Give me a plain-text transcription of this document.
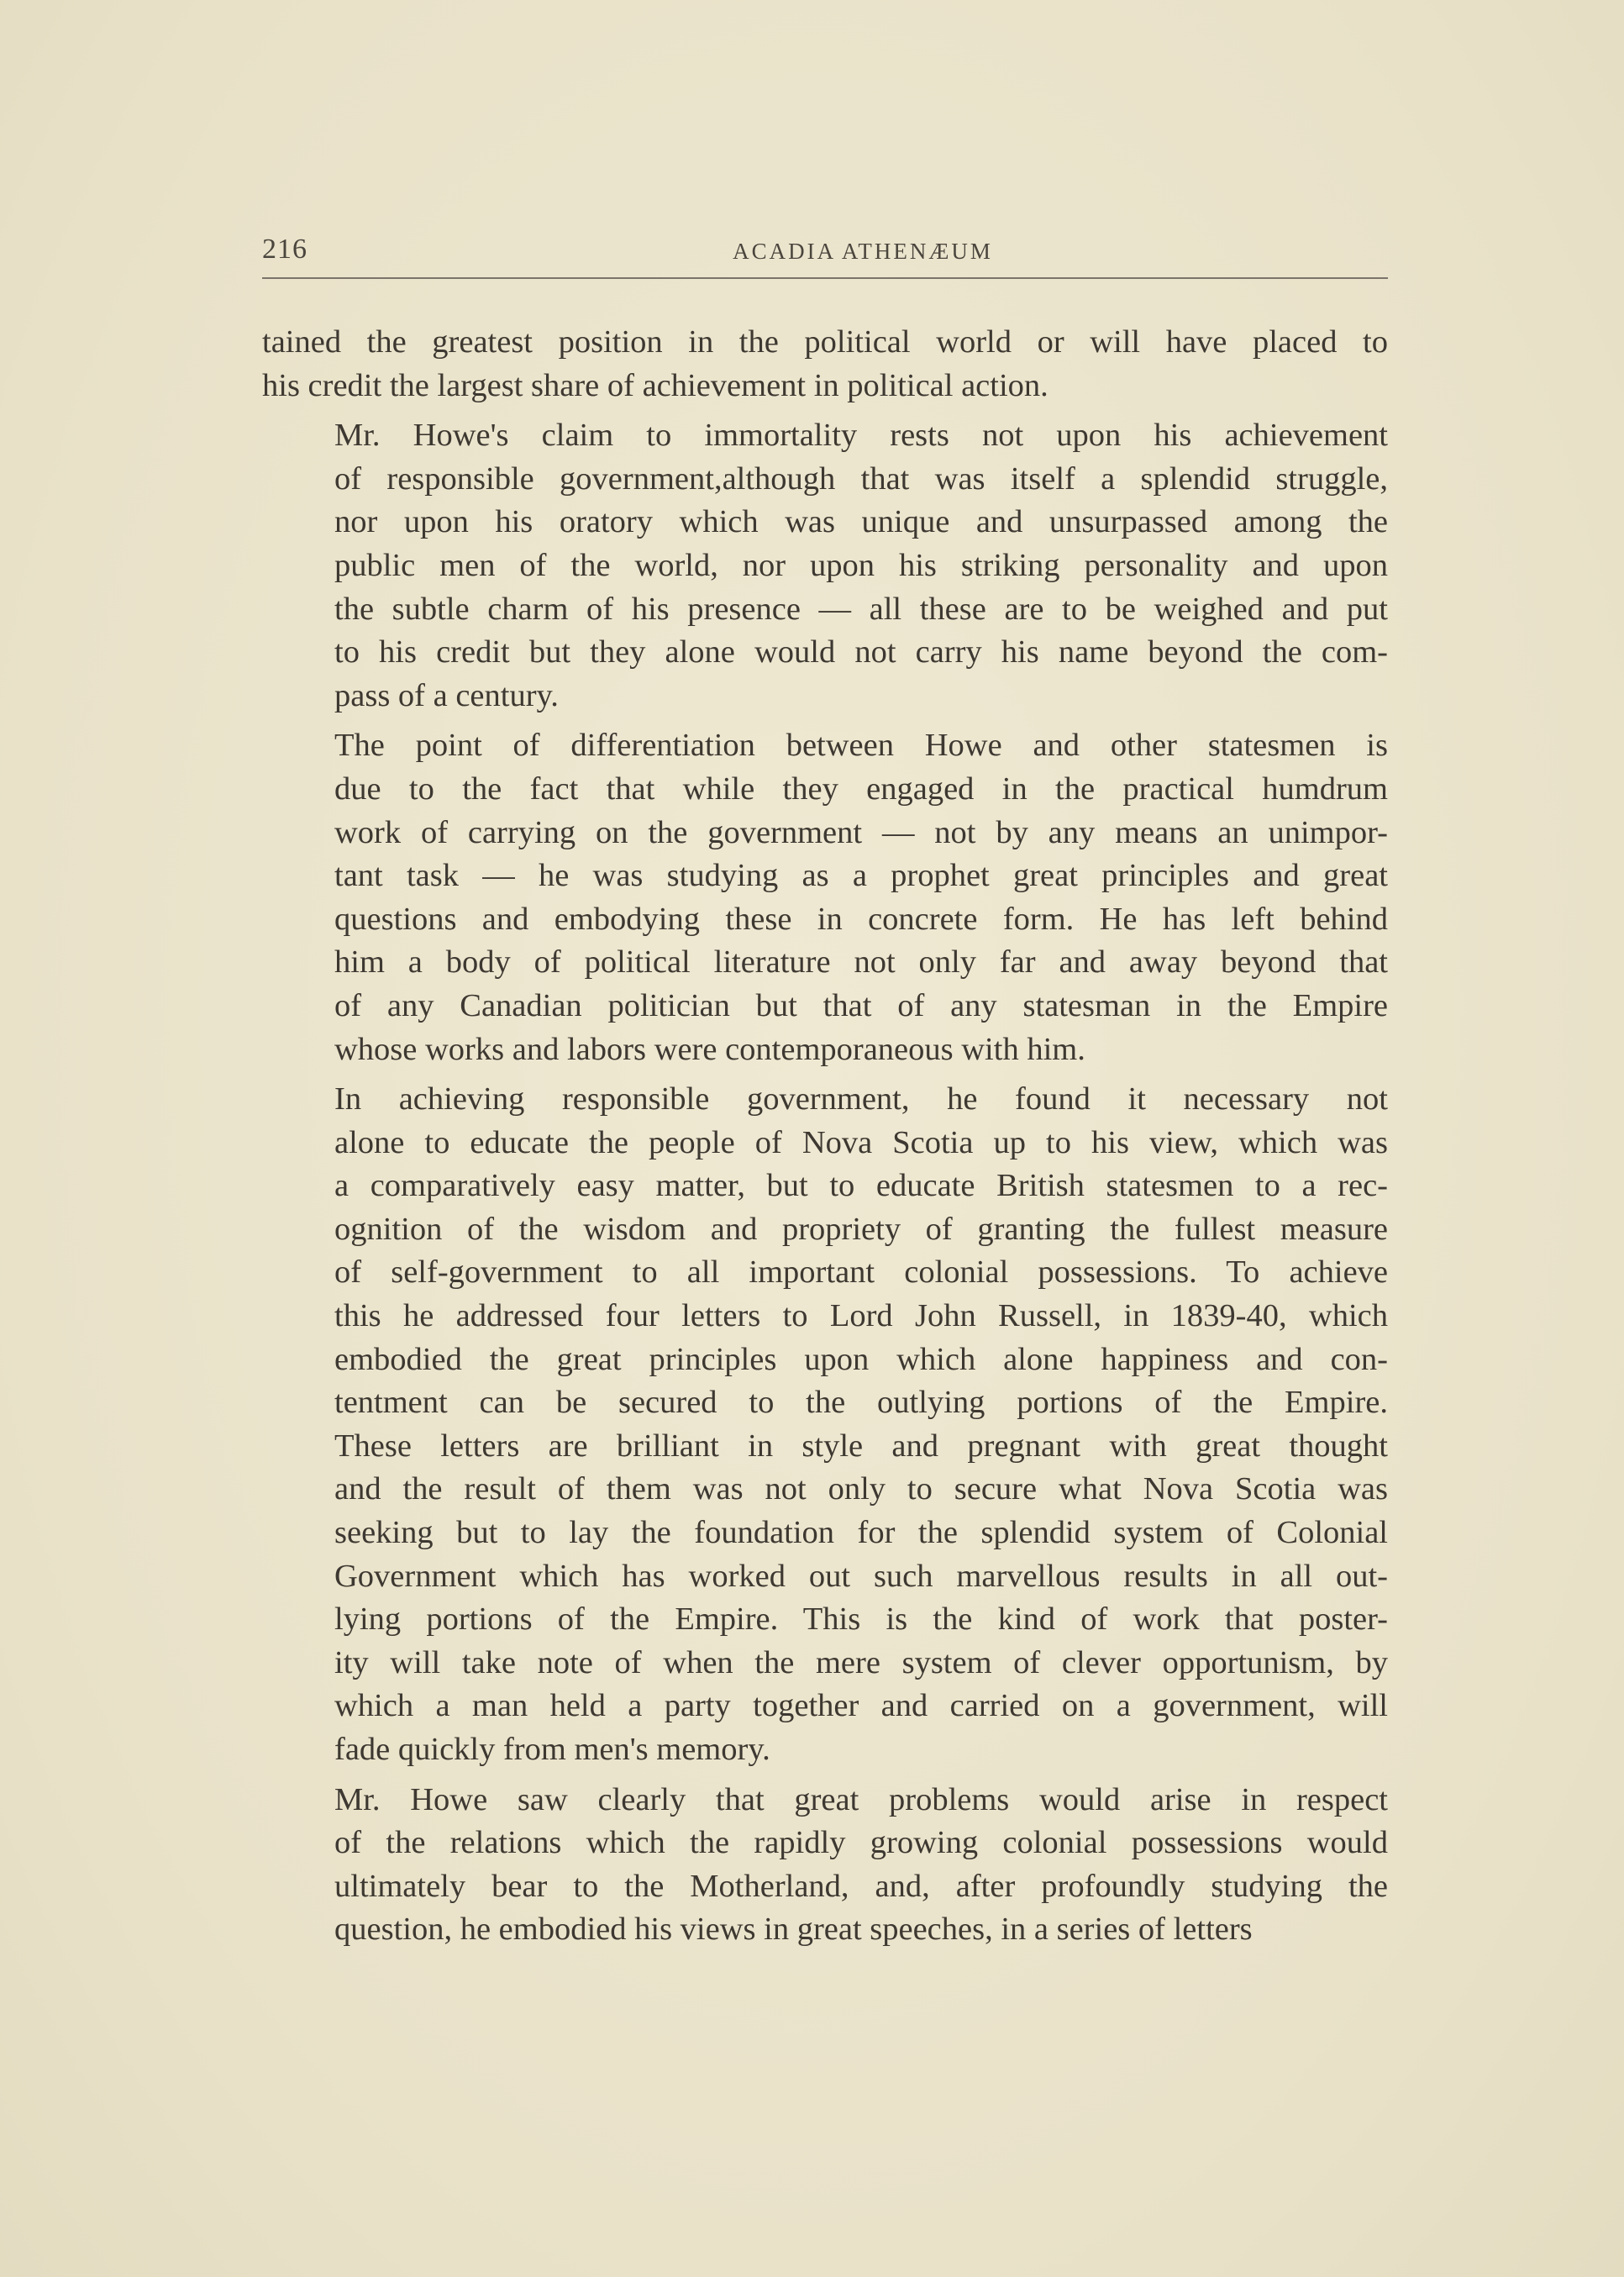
216	ACADIA ATHENÆUM

tained the greatest position in the political world or will have placed to
his credit the largest share of achievement in political action.

Mr. Howe's claim to immortality rests not upon his achievement
of responsible government,although that was itself a splendid struggle,
nor upon his oratory which was unique and unsurpassed among the
public men of the world, nor upon his striking personality and upon
the subtle charm of his presence — all these are to be weighed and put
to his credit but they alone would not carry his name beyond the com-
pass of a century.

The point of differentiation between Howe and other statesmen is
due to the fact that while they engaged in the practical humdrum
work of carrying on the government — not by any means an unimpor-
tant task — he was studying as a prophet great principles and great
questions and embodying these in concrete form. He has left behind
him a body of political literature not only far and away beyond that
of any Canadian politician but that of any statesman in the Empire
whose works and labors were contemporaneous with him.

In achieving responsible government, he found it necessary not
alone to educate the people of Nova Scotia up to his view, which was
a comparatively easy matter, but to educate British statesmen to a rec-
ognition of the wisdom and propriety of granting the fullest measure
of self-government to all important colonial possessions. To achieve
this he addressed four letters to Lord John Russell, in 1839-40, which
embodied the great principles upon which alone happiness and con-
tentment can be secured to the outlying portions of the Empire.
These letters are brilliant in style and pregnant with great thought
and the result of them was not only to secure what Nova Scotia was
seeking but to lay the foundation for the splendid system of Colonial
Government which has worked out such marvellous results in all out-
lying portions of the Empire. This is the kind of work that poster-
ity will take note of when the mere system of clever opportunism, by
which a man held a party together and carried on a government, will
fade quickly from men's memory.

Mr. Howe saw clearly that great problems would arise in respect
of the relations which the rapidly growing colonial possessions would
ultimately bear to the Motherland, and, after profoundly studying the
question, he embodied his views in great speeches, in a series of letters
